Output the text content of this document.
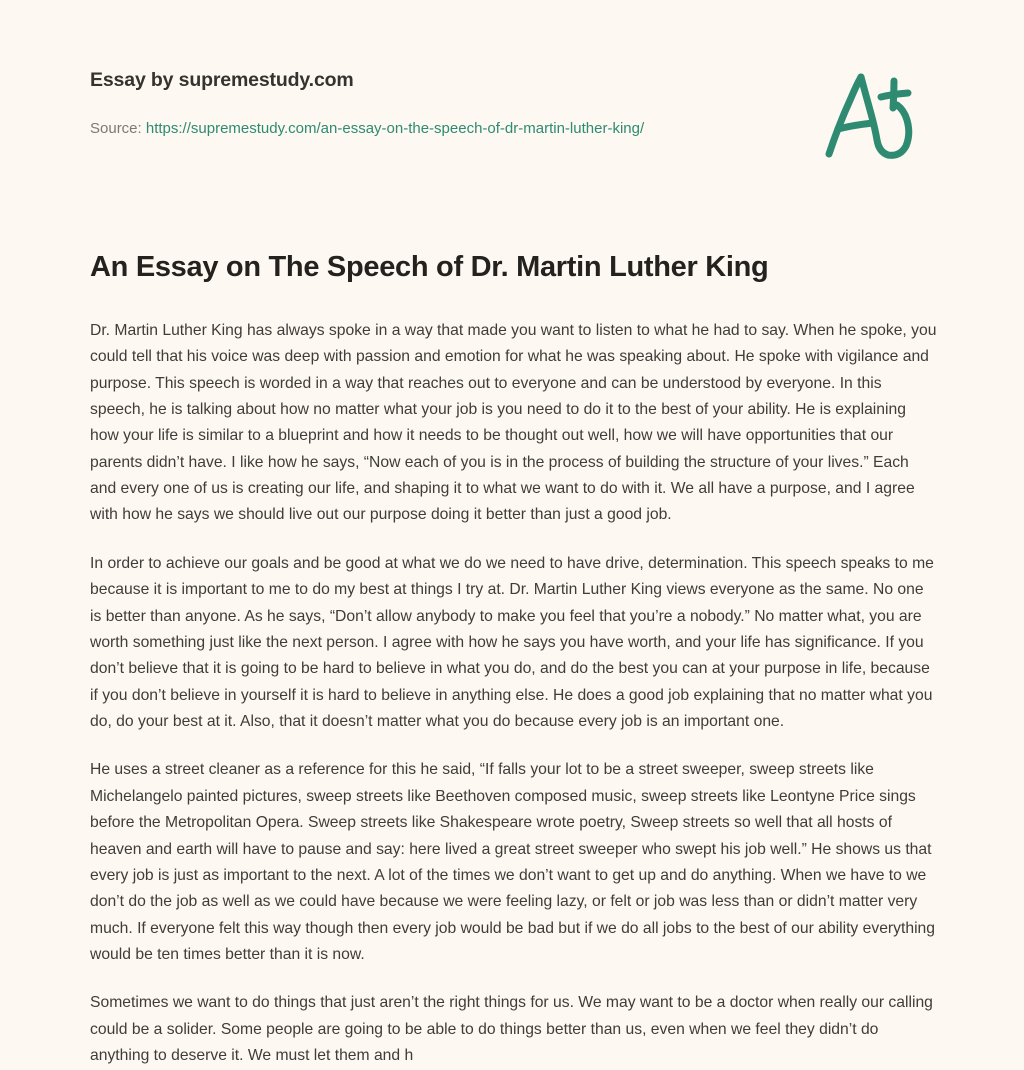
Essay by supremestudy.com
Source: https://supremestudy.com/an-essay-on-the-speech-of-dr-martin-luther-king/
An Essay on The Speech of Dr. Martin Luther King

Dr. Martin Luther King has always spoke in a way that made you want to listen to what he had to say. When he spoke, you could tell that his voice was deep with passion and emotion for what he was speaking about. He spoke with vigilance and purpose. This speech is worded in a way that reaches out to everyone and can be understood by everyone. In this speech, he is talking about how no matter what your job is you need to do it to the best of your ability. He is explaining how your life is similar to a blueprint and how it needs to be thought out well, how we will have opportunities that our parents didn’t have. I like how he says, “Now each of you is in the process of building the structure of your lives.” Each and every one of us is creating our life, and shaping it to what we want to do with it. We all have a purpose, and I agree with how he says we should live out our purpose doing it better than just a good job.

In order to achieve our goals and be good at what we do we need to have drive, determination. This speech speaks to me because it is important to me to do my best at things I try at. Dr. Martin Luther King views everyone as the same. No one is better than anyone. As he says, “Don’t allow anybody to make you feel that you’re a nobody.” No matter what, you are worth something just like the next person. I agree with how he says you have worth, and your life has significance. If you don’t believe that it is going to be hard to believe in what you do, and do the best you can at your purpose in life, because if you don’t believe in yourself it is hard to believe in anything else. He does a good job explaining that no matter what you do, do your best at it. Also, that it doesn’t matter what you do because every job is an important one.

He uses a street cleaner as a reference for this he said, “If falls your lot to be a street sweeper, sweep streets like Michelangelo painted pictures, sweep streets like Beethoven composed music, sweep streets like Leontyne Price sings before the Metropolitan Opera. Sweep streets like Shakespeare wrote poetry, Sweep streets so well that all hosts of heaven and earth will have to pause and say: here lived a great street sweeper who swept his job well.” He shows us that every job is just as important to the next. A lot of the times we don’t want to get up and do anything. When we have to we don’t do the job as well as we could have because we were feeling lazy, or felt or job was less than or didn’t matter very much. If everyone felt this way though then every job would be bad but if we do all jobs to the best of our ability everything would be ten times better than it is now.

Sometimes we want to do things that just aren’t the right things for us. We may want to be a doctor when really our calling could be a solider. Some people are going to be able to do things better than us, even when we feel they didn’t do anything to deserve it. We must let them and h
